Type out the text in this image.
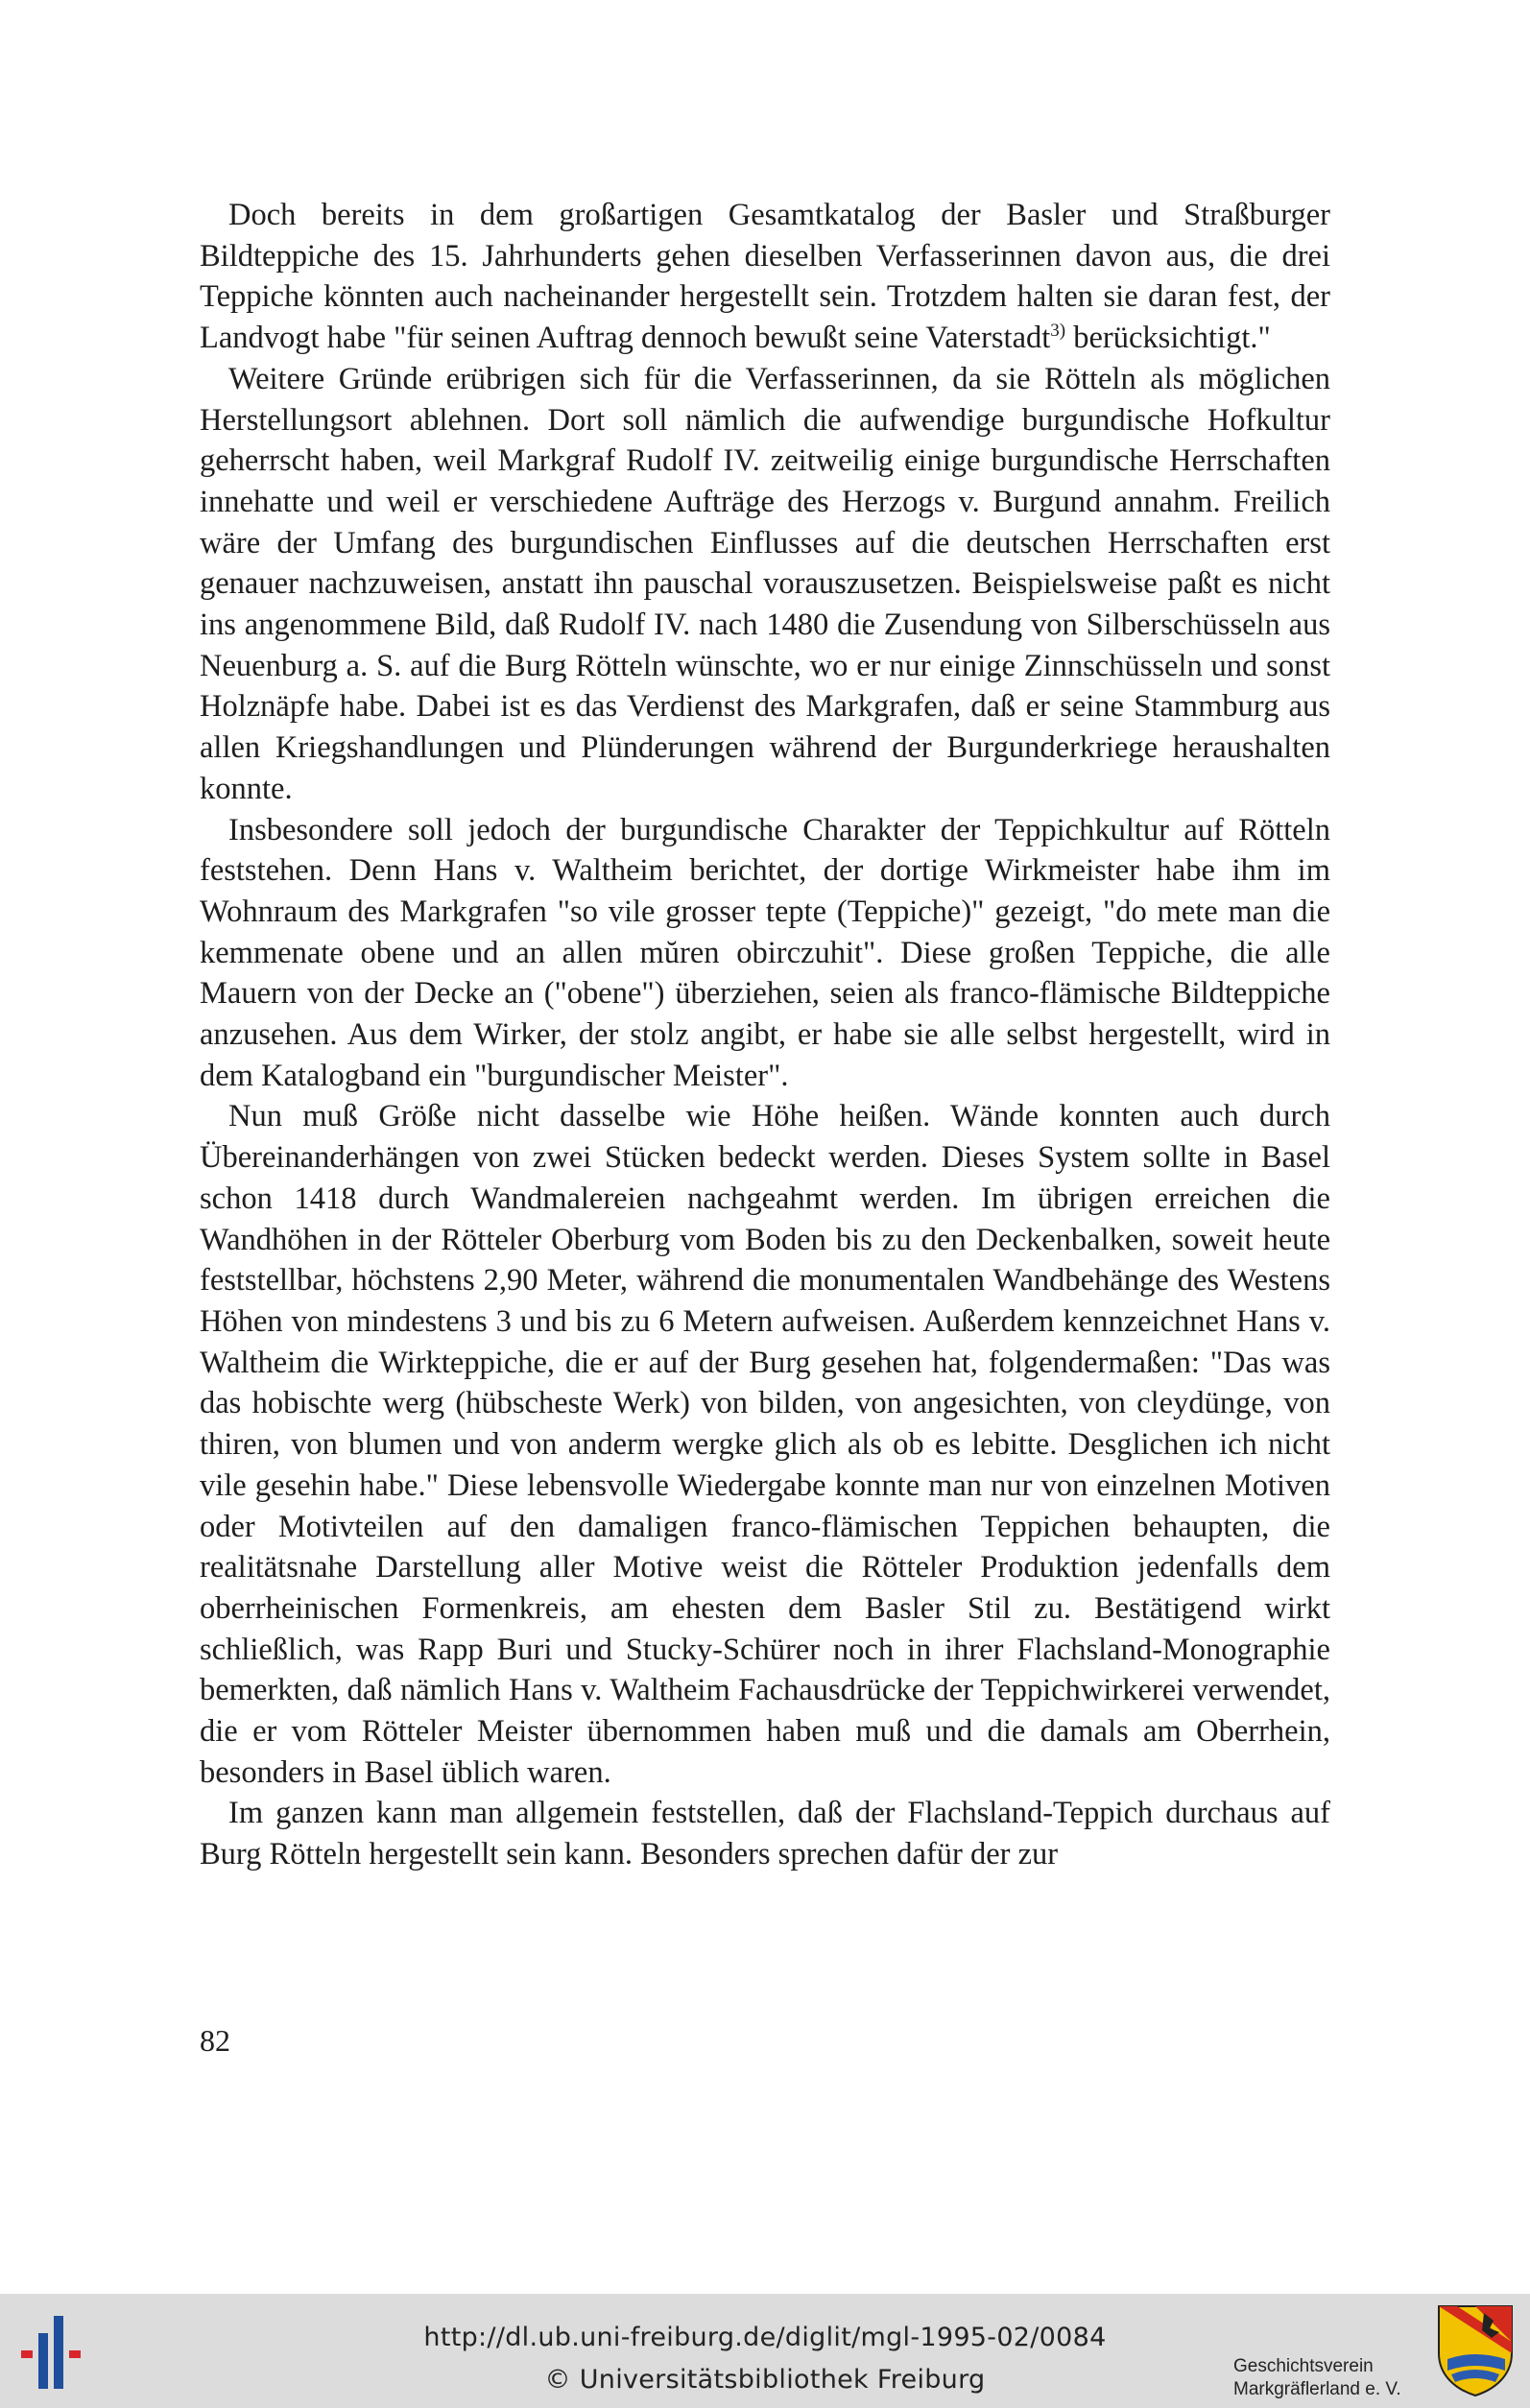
Doch bereits in dem großartigen Gesamtkatalog der Basler und Straßburger Bildteppiche des 15. Jahrhunderts gehen dieselben Verfasserinnen davon aus, die drei Teppiche könnten auch nacheinander hergestellt sein. Trotzdem halten sie daran fest, der Landvogt habe "für seinen Auftrag dennoch bewußt seine Vaterstadt$^{3)}$ berücksichtigt."

Weitere Gründe erübrigen sich für die Verfasserinnen, da sie Rötteln als möglichen Herstellungsort ablehnen. Dort soll nämlich die aufwendige burgundische Hofkultur geherrscht haben, weil Markgraf Rudolf IV. zeitweilig einige burgundische Herrschaften innehatte und weil er verschiedene Aufträge des Herzogs v. Burgund annahm. Freilich wäre der Umfang des burgundischen Einflusses auf die deutschen Herrschaften erst genauer nachzuweisen, anstatt ihn pauschal vorauszusetzen. Beispielsweise paßt es nicht ins angenommene Bild, daß Rudolf IV. nach 1480 die Zusendung von Silberschüsseln aus Neuenburg a. S. auf die Burg Rötteln wünschte, wo er nur einige Zinnschüsseln und sonst Holznäpfe habe. Dabei ist es das Verdienst des Markgrafen, daß er seine Stammburg aus allen Kriegshandlungen und Plünderungen während der Burgunderkriege heraushalten konnte.

Insbesondere soll jedoch der burgundische Charakter der Teppichkultur auf Rötteln feststehen. Denn Hans v. Waltheim berichtet, der dortige Wirkmeister habe ihm im Wohnraum des Markgrafen "so vile grosser tepte (Teppiche)" gezeigt, "do mete man die kemmenate obene und an allen mŭren obirczuhit". Diese großen Teppiche, die alle Mauern von der Decke an ("obene") überziehen, seien als franco-flämische Bildteppiche anzusehen. Aus dem Wirker, der stolz angibt, er habe sie alle selbst hergestellt, wird in dem Katalogband ein "burgundischer Meister".

Nun muß Größe nicht dasselbe wie Höhe heißen. Wände konnten auch durch Übereinanderhängen von zwei Stücken bedeckt werden. Dieses System sollte in Basel schon 1418 durch Wandmalereien nachgeahmt werden. Im übrigen erreichen die Wandhöhen in der Rötteler Oberburg vom Boden bis zu den Deckenbalken, soweit heute feststellbar, höchstens 2,90 Meter, während die monumentalen Wandbehänge des Westens Höhen von mindestens 3 und bis zu 6 Metern aufweisen. Außerdem kennzeichnet Hans v. Waltheim die Wirkteppiche, die er auf der Burg gesehen hat, folgendermaßen: "Das was das hobischte werg (hübscheste Werk) von bilden, von angesichten, von cleydünge, von thiren, von blumen und von anderm wergke glich als ob es lebitte. Desglichen ich nicht vile gesehin habe." Diese lebensvolle Wiedergabe konnte man nur von einzelnen Motiven oder Motivteilen auf den damaligen franco-flämischen Teppichen behaupten, die realitätsnahe Darstellung aller Motive weist die Rötteler Produktion jedenfalls dem oberrheinischen Formenkreis, am ehesten dem Basler Stil zu. Bestätigend wirkt schließlich, was Rapp Buri und Stucky-Schürer noch in ihrer Flachsland-Monographie bemerkten, daß nämlich Hans v. Waltheim Fachausdrücke der Teppichwirkerei verwendet, die er vom Rötteler Meister übernommen haben muß und die damals am Oberrhein, besonders in Basel üblich waren.

Im ganzen kann man allgemein feststellen, daß der Flachsland-Teppich durchaus auf Burg Rötteln hergestellt sein kann. Besonders sprechen dafür der zur

82
http://dl.ub.uni-freiburg.de/diglit/mgl-1995-02/0084
© Universitätsbibliothek Freiburg	Geschichtsverein
Markgräflerland e. V.
